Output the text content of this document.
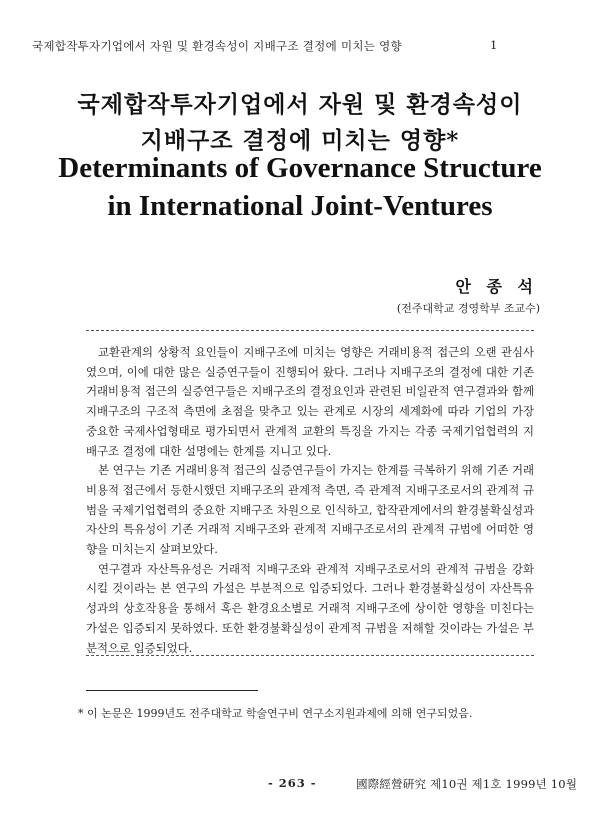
국제합작투자기업에서 자원 및 환경속성이 지배구조 결정에 미치는 영향	1
국제합작투자기업에서 자원 및 환경속성이
지배구조 결정에 미치는 영향*
Determinants of Governance Structure
in International Joint-Ventures
안 종 석
(전주대학교 경영학부 조교수)

교환관계의 상황적 요인들이 지배구조에 미치는 영향은 거래비용적 접근의 오랜 관심사였으며, 이에 대한 많은 실증연구들이 진행되어 왔다. 그러나 지배구조의 결정에 대한 기존 거래비용적 접근의 실증연구들은 지배구조의 결정요인과 관련된 비일관적 연구결과와 함께 지배구조의 구조적 측면에 초점을 맞추고 있는 관계로 시장의 세계화에 따라 기업의 가장 중요한 국제사업형태로 평가되면서 관계적 교환의 특징을 가지는 각종 국제기업협력의 지배구조 결정에 대한 설명에는 한계를 지니고 있다.

본 연구는 기존 거래비용적 접근의 실증연구들이 가지는 한계를 극복하기 위해 기존 거래비용적 접근에서 등한시했던 지배구조의 관계적 측면, 즉 관계적 지배구조로서의 관계적 규범을 국제기업협력의 중요한 지배구조 차원으로 인식하고, 합작관계에서의 환경불확실성과 자산의 특유성이 기존 거래적 지배구조와 관계적 지배구조로서의 관계적 규범에 어떠한 영향을 미치는지 살펴보았다.

연구결과 자산특유성은 거래적 지배구조와 관계적 지배구조로서의 관계적 규범을 강화시킬 것이라는 본 연구의 가설은 부분적으로 입증되었다. 그러나 환경불확실성이 자산특유성과의 상호작용을 통해서 혹은 환경요소별로 거래적 지배구조에 상이한 영향을 미친다는 가설은 입증되지 못하였다. 또한 환경불확실성이 관계적 규범을 저해할 것이라는 가설은 부분적으로 입증되었다.

* 이 논문은 1999년도 전주대학교 학술연구비 연구소지원과제에 의해 연구되었음.
- 263 -	國際經營硏究 제10권 제1호 1999년 10월
